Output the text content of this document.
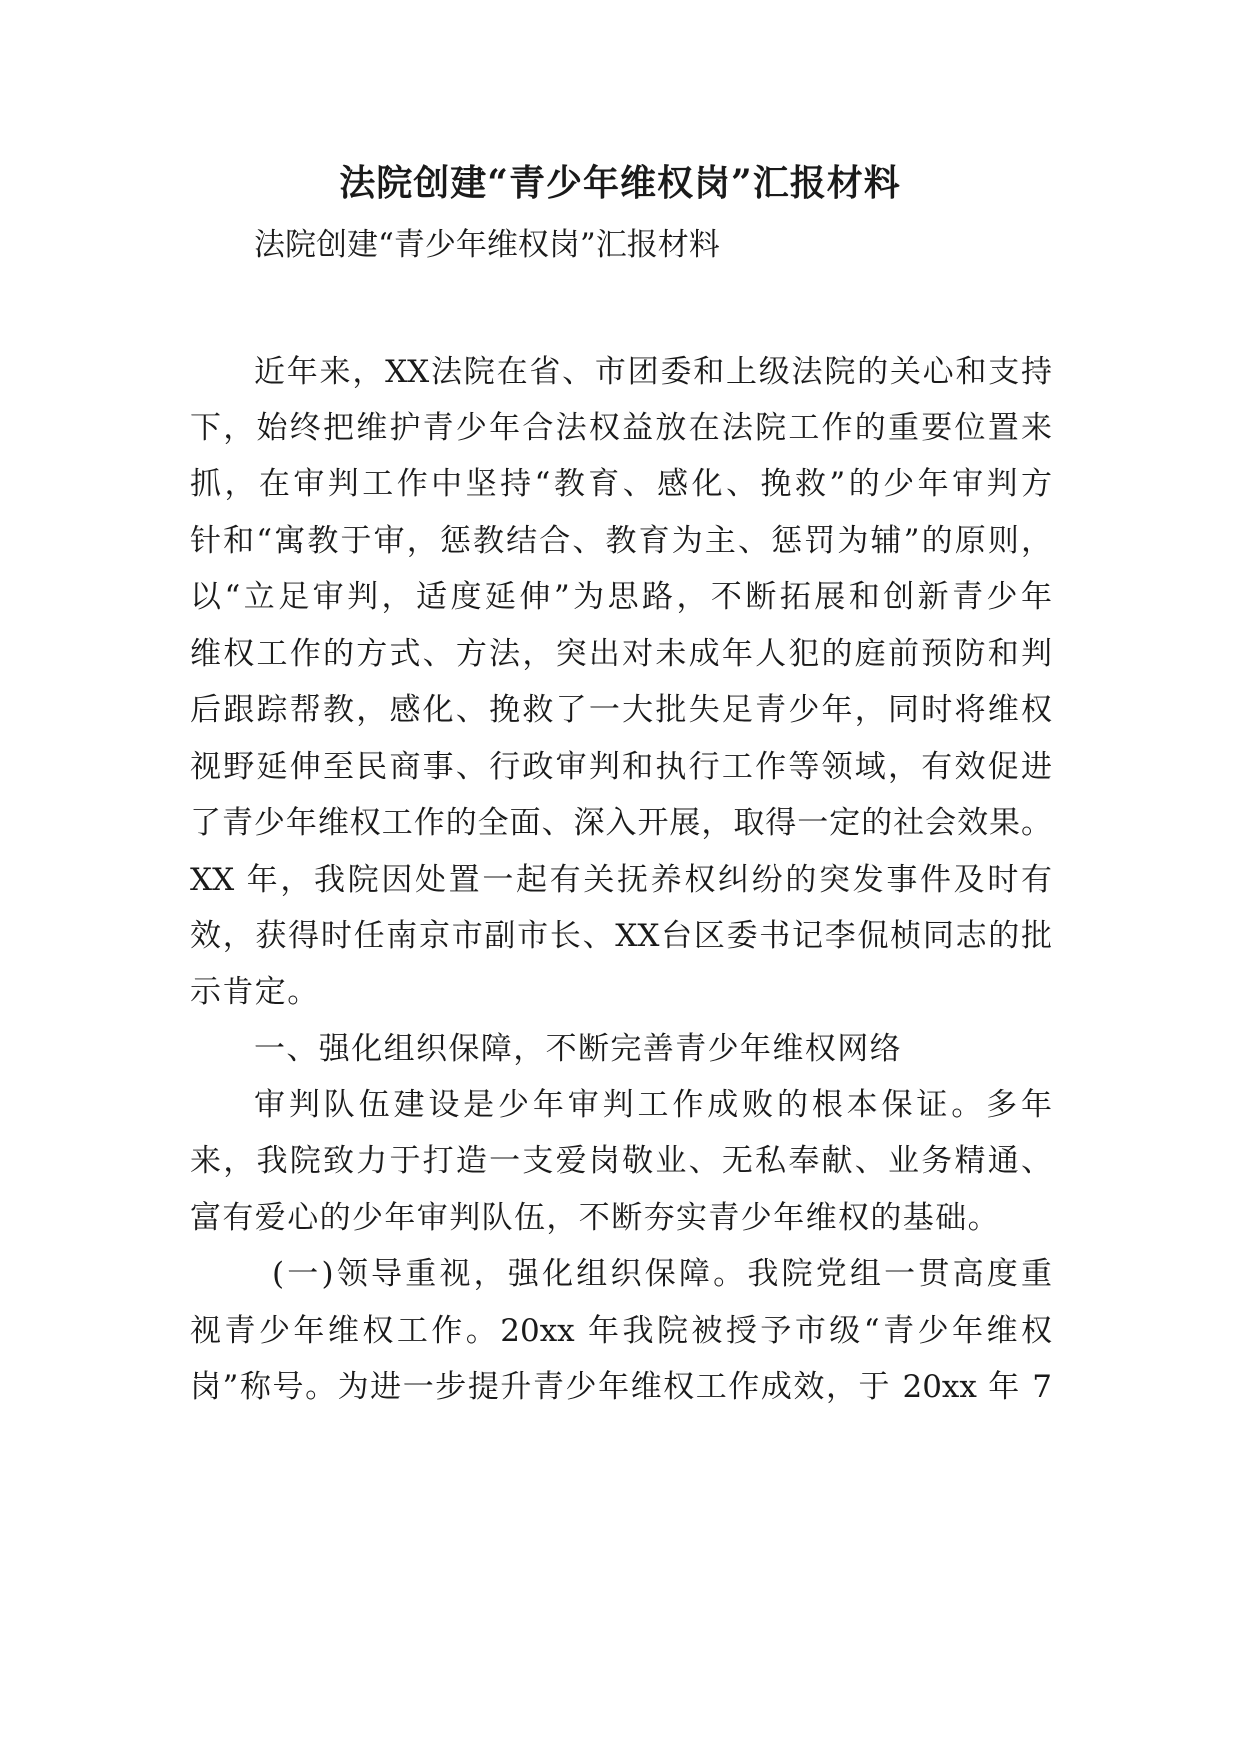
法院创建“青少年维权岗”汇报材料
法院创建“青少年维权岗”汇报材料
近年来，XX法院在省、市团委和上级法院的关心和支持
下，始终把维护青少年合法权益放在法院工作的重要位置来
抓，在审判工作中坚持“教育、感化、挽救”的少年审判方
针和“寓教于审，惩教结合、教育为主、惩罚为辅”的原则，
以“立足审判，适度延伸”为思路，不断拓展和创新青少年
维权工作的方式、方法，突出对未成年人犯的庭前预防和判
后跟踪帮教，感化、挽救了一大批失足青少年，同时将维权
视野延伸至民商事、行政审判和执行工作等领域，有效促进
了青少年维权工作的全面、深入开展，取得一定的社会效果。
XX 年，我院因处置一起有关抚养权纠纷的突发事件及时有
效，获得时任南京市副市长、XX台区委书记李侃桢同志的批
示肯定。
一、强化组织保障，不断完善青少年维权网络
审判队伍建设是少年审判工作成败的根本保证。多年
来，我院致力于打造一支爱岗敬业、无私奉献、业务精通、
富有爱心的少年审判队伍，不断夯实青少年维权的基础。
(一)领导重视，强化组织保障。我院党组一贯高度重
视青少年维权工作。20xx 年我院被授予市级“青少年维权
岗”称号。为进一步提升青少年维权工作成效，于 20xx 年 7
